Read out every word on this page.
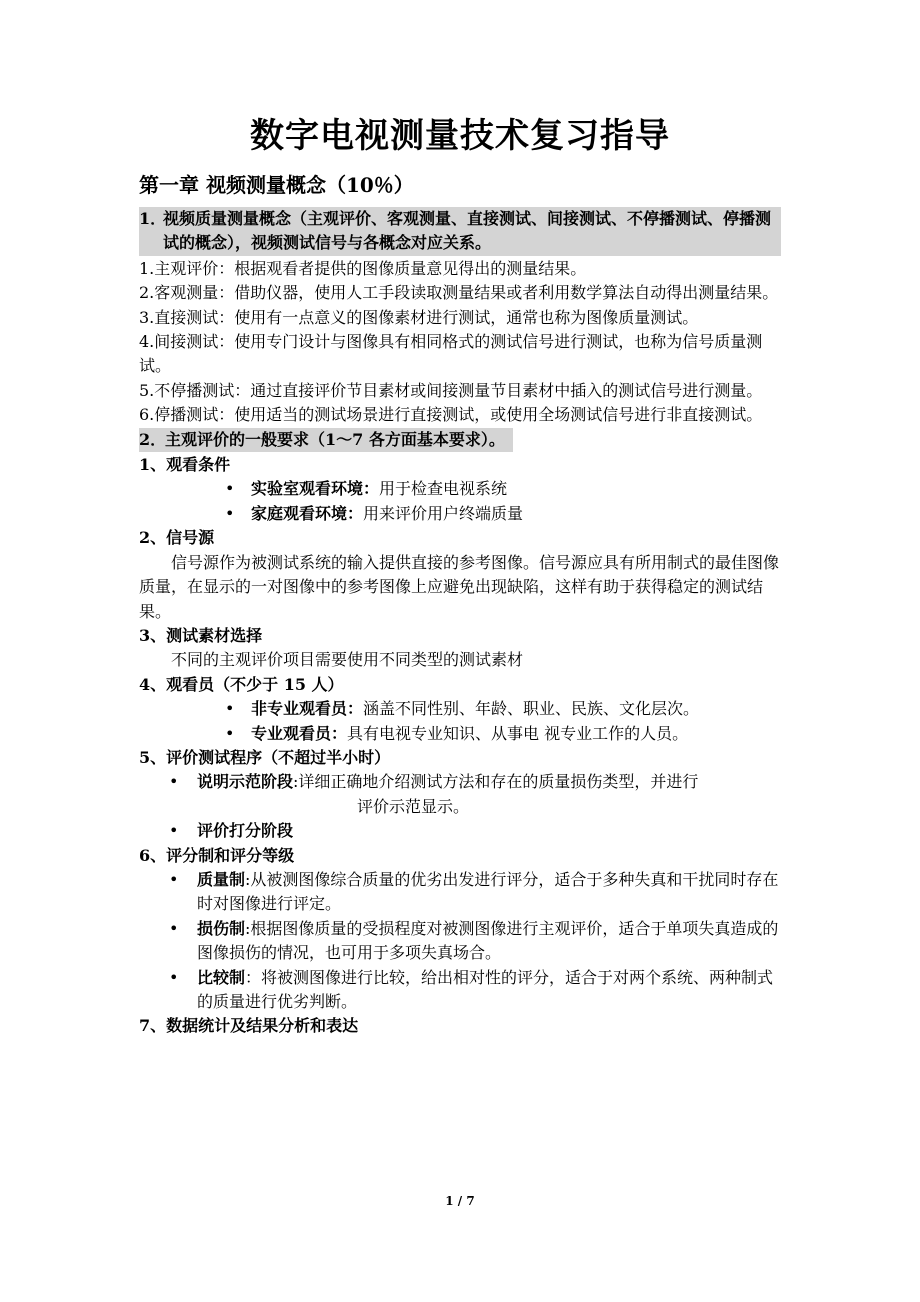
数字电视测量技术复习指导
第一章 视频测量概念（10％）
1．视频质量测量概念（主观评价、客观测量、直接测试、间接测试、不停播测试、停播测试的概念），视频测试信号与各概念对应关系。

1.主观评价：根据观看者提供的图像质量意见得出的测量结果。

2.客观测量：借助仪器，使用人工手段读取测量结果或者利用数学算法自动得出测量结果。

3.直接测试：使用有一点意义的图像素材进行测试，通常也称为图像质量测试。

4.间接测试：使用专门设计与图像具有相同格式的测试信号进行测试，也称为信号质量测试。

5.不停播测试：通过直接评价节目素材或间接测量节目素材中插入的测试信号进行测量。

6.停播测试：使用适当的测试场景进行直接测试，或使用全场测试信号进行非直接测试。

2．主观评价的一般要求（1～7 各方面基本要求）。

1、观看条件

• 实验室观看环境：用于检查电视系统
• 家庭观看环境：用来评价用户终端质量

2、信号源

信号源作为被测试系统的输入提供直接的参考图像。信号源应具有所用制式的最佳图像质量，在显示的一对图像中的参考图像上应避免出现缺陷，这样有助于获得稳定的测试结果。

3、测试素材选择

不同的主观评价项目需要使用不同类型的测试素材

4、观看员（不少于 15 人）

• 非专业观看员：涵盖不同性别、年龄、职业、民族、文化层次。
• 专业观看员：具有电视专业知识、从事电 视专业工作的人员。

5、评价测试程序（不超过半小时）

• 说明示范阶段:详细正确地介绍测试方法和存在的质量损伤类型，并进行
评价示范显示。
• 评价打分阶段

6、评分制和评分等级

• 质量制:从被测图像综合质量的优劣出发进行评分，适合于多种失真和干扰同时存在时对图像进行评定。
• 损伤制:根据图像质量的受损程度对被测图像进行主观评价，适合于单项失真造成的图像损伤的情况，也可用于多项失真场合。
• 比较制：将被测图像进行比较，给出相对性的评分，适合于对两个系统、两种制式的质量进行优劣判断。

7、数据统计及结果分析和表达

1 / 7
